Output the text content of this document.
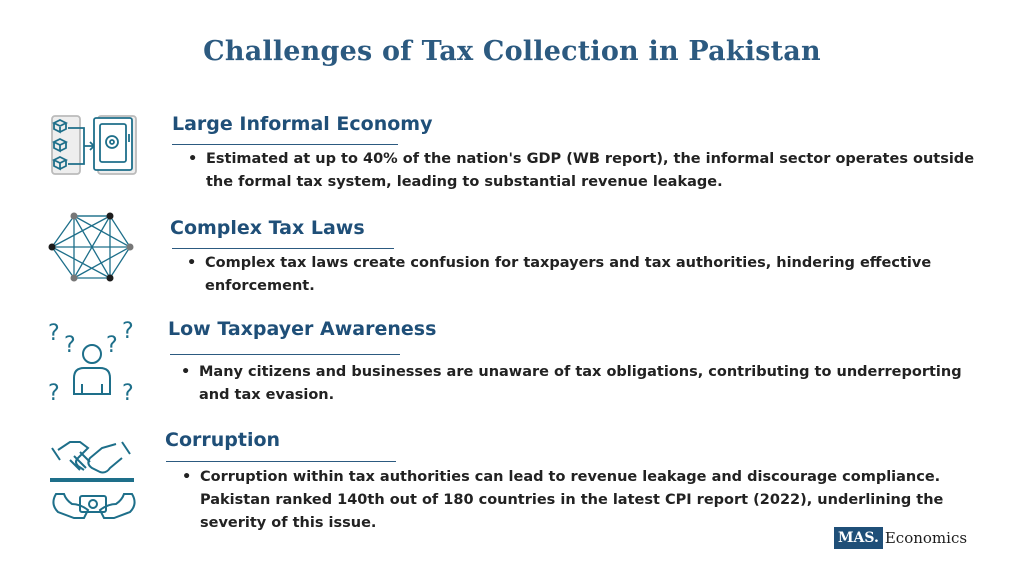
Challenges of Tax Collection in Pakistan
Large Informal Economy
• Estimated at up to 40% of the nation's GDP (WB report), the informal sector operates outside the formal tax system, leading to substantial revenue leakage.
Complex Tax Laws
• Complex tax laws create confusion for taxpayers and tax authorities, hindering effective enforcement.
? ? ?
?
?	?
Low Taxpayer Awareness
• Many citizens and businesses are unaware of tax obligations, contributing to underreporting and tax evasion.
Corruption
• Corruption within tax authorities can lead to revenue leakage and discourage compliance. Pakistan ranked 140th out of 180 countries in the latest CPI report (2022), underlining the severity of this issue.
MAS. Economics
